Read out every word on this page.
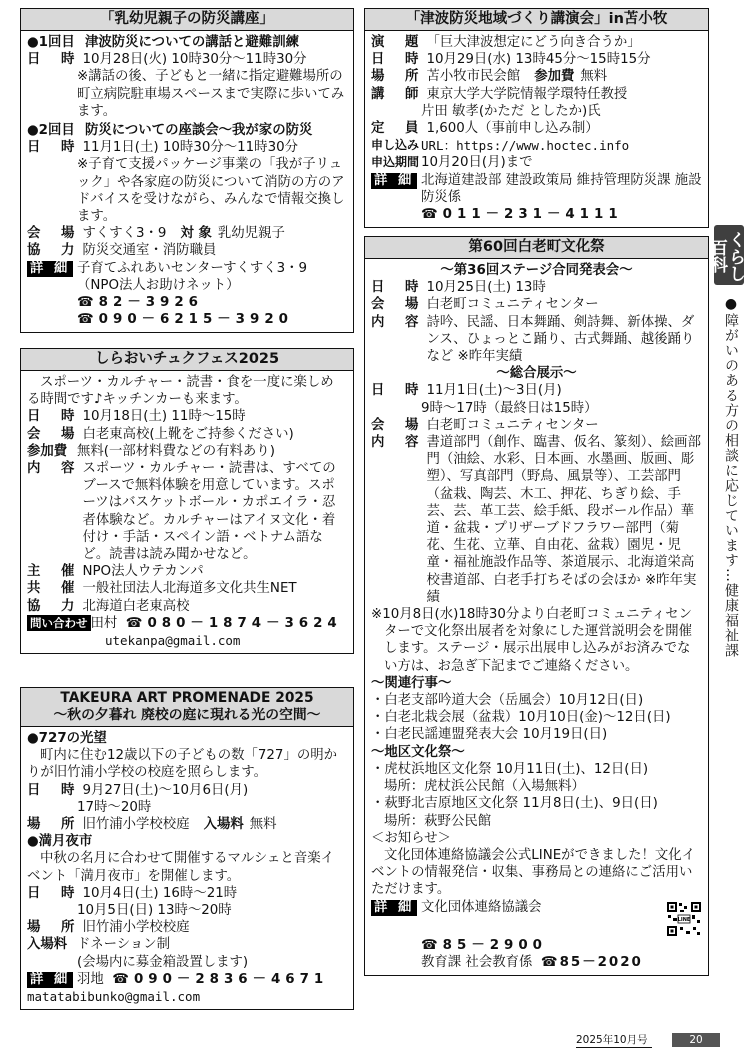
「乳幼児親子の防災講座」
●1回目 津波防災についての講話と避難訓練
日 時 10月28日(火) 10時30分～11時30分
※講話の後、子どもと一緒に指定避難場所の町立病院駐車場スペースまで実際に歩いてみます。
●2回目 防災についての座談会～我が家の防災
日 時 11月1日(土) 10時30分～11時30分
※子育て支援パッケージ事業の「我が子リュック」や各家庭の防災について消防の方のアドバイスを受けながら、みんなで情報交換します。
会 場 すくすく3・9 対 象 乳幼児親子
協 力 防災交通室・消防職員
詳 細 子育てふれあいセンターすくすく3・9（NPO法人お助けネット）
☎82－3926
☎090－6215－3920
しらおいチュクフェス2025
スポーツ・カルチャー・読書・食を一度に楽しめる時間です♪キッチンカーも来ます。
日 時 10月18日(土) 11時～15時
会 場 白老東高校(上靴をご持参ください)
参加費 無料(一部材料費などの有料あり)
内 容 スポーツ・カルチャー・読書は、すべてのブースで無料体験を用意しています。スポーツはバスケットボール・カポエイラ・忍者体験など。カルチャーはアイヌ文化・着付け・手話・スペイン語・ベトナム語など。読書は読み聞かせなど。
主 催 NPO法人ウテカンパ
共 催 一般社団法人北海道多文化共生NET
協 力 北海道白老東高校
問い合わせ 田村 ☎080－1874－3624
utekanpa@gmail.com
TAKEURA ART PROMENADE 2025
～秋の夕暮れ 廃校の庭に現れる光の空間～
●727の光望
町内に住む12歳以下の子どもの数「727」の明かりが旧竹浦小学校の校庭を照らします。
日 時 9月27日(土)～10月6日(月)
17時～20時
場 所 旧竹浦小学校校庭 入場料 無料
●満月夜市
中秋の名月に合わせて開催するマルシェと音楽イベント「満月夜市」を開催します。
日 時 10月4日(土) 16時～21時
10月5日(日) 13時～20時
場 所 旧竹浦小学校校庭
入場料 ドネーション制
(会場内に募金箱設置します)
詳 細 羽地 ☎090－2836－4671
matatabibunko@gmail.com
「津波防災地域づくり講演会」in苫小牧
演 題 「巨大津波想定にどう向き合うか」
日 時 10月29日(水) 13時45分～15時15分
場 所 苫小牧市民会館 参加費 無料
講 師 東京大学大学院情報学環特任教授
片田 敏孝(かただ としたか)氏
定 員 1,600人（事前申し込み制）
申し込み URL：https://www.hoctec.info
申込期間 10月20日(月)まで
詳 細 北海道建設部 建設政策局 維持管理防災課 施設防災係
☎011－231－4111
第60回白老町文化祭
～第36回ステージ合同発表会～
日 時 10月25日(土) 13時
会 場 白老町コミュニティセンター
内 容 詩吟、民謡、日本舞踊、剣詩舞、新体操、ダンス、ひょっとこ踊り、古式舞踊、越後踊り など ※昨年実績
～総合展示～
日 時 11月1日(土)～3日(月)
9時～17時（最終日は15時）
会 場 白老町コミュニティセンター
内 容 書道部門（創作、臨書、仮名、篆刻）、絵画部門（油絵、水彩、日本画、水墨画、版画、彫塑）、写真部門（野鳥、風景等）、工芸部門（盆栽、陶芸、木工、押花、ちぎり絵、手芸、芸、革工芸、絵手紙、段ボール作品）華道・盆栽・プリザーブドフラワー部門（菊花、生花、立華、自由花、盆栽）園児・児童・福祉施設作品等、茶道展示、北海道栄高校書道部、白老手打ちそばの会ほか ※昨年実績
※10月8日(水)18時30分より白老町コミュニティセンターで文化祭出展者を対象にした運営説明会を開催します。ステージ・展示出展申し込みがお済みでない方は、お急ぎ下記までご連絡ください。
～関連行事～
・白老支部吟道大会（岳風会）10月12日(日)
・白老北栽会展（盆栽）10月10日(金)～12日(日)
・白老民謡連盟発表大会 10月19日(日)
～地区文化祭～
・虎杖浜地区文化祭 10月11日(土)、12日(日)
場所：虎杖浜公民館（入場無料）
・萩野北吉原地区文化祭 11月8日(土)、9日(日)
場所：萩野公民館
＜お知らせ＞
文化団体連絡協議会公式LINEができました！文化イベントの情報発信・収集、事務局との連絡にご活用いただけます。
詳 細
LINE
文化団体連絡協議会
☎85－2900
教育課 社会教育係 ☎85－2020
くらし百科
●障がいのある方の相談に応じています…健康福祉課
2025年10月号	20
